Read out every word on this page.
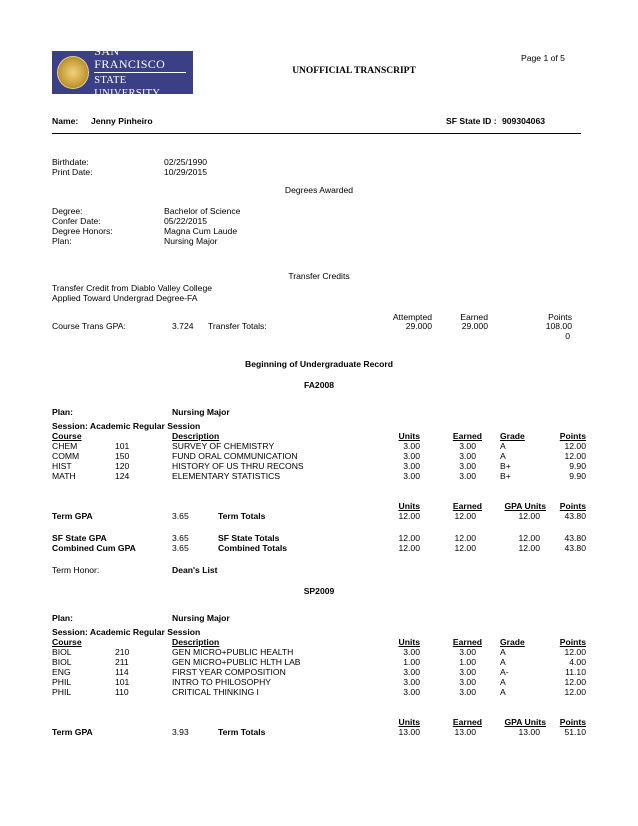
SAN FRANCISCO
STATE UNIVERSITY
Page 1 of 5
UNOFFICIAL TRANSCRIPT
Name: Jenny Pinheiro	SF State ID : 909304063
Birthdate:	02/25/1990
Print Date:	10/29/2015
Degrees Awarded
Degree:	Bachelor of Science
Confer Date:	05/22/2015
Degree Honors:	Magna Cum Laude
Plan:	Nursing Major
Transfer Credits
Transfer Credit from Diablo Valley College
Applied Toward Undergrad Degree-FA
Attempted	Earned	Points
Course Trans GPA:	3.724 Transfer Totals:	29.000	29.000	108.00
0
Beginning of Undergraduate Record
FA2008
Plan:	Nursing Major
Session: Academic Regular Session
Course	Description	Units	Earned Grade	Points
CHEM	101	SURVEY OF CHEMISTRY	3.00	3.00	A	12.00
COMM	150	FUND ORAL COMMUNICATION	3.00	3.00	A	12.00
HIST	120	HISTORY OF US THRU RECONS	3.00	3.00	B+	9.90
MATH	124	ELEMENTARY STATISTICS	3.00	3.00	B+	9.90
Units	Earned	GPA Units	Points
Term GPA	3.65	Term Totals	12.00	12.00	12.00	43.80
SF State GPA	3.65	SF State Totals	12.00	12.00	12.00	43.80
Combined Cum GPA	3.65	Combined Totals	12.00	12.00	12.00	43.80
Term Honor:	Dean's List
SP2009
Plan:	Nursing Major
Session: Academic Regular Session
Course	Description	Units	Earned Grade	Points
BIOL	210	GEN MICRO+PUBLIC HEALTH	3.00	3.00	A	12.00
BIOL	211	GEN MICRO+PUBLIC HLTH LAB	1.00	1.00	A	4.00
ENG	114	FIRST YEAR COMPOSITION	3.00	3.00	A-	11.10
PHIL	101	INTRO TO PHILOSOPHY	3.00	3.00	A	12.00
PHIL	110	CRITICAL THINKING I	3.00	3.00	A	12.00
Units	Earned	GPA Units	Points
Term GPA	3.93	Term Totals	13.00	13.00	13.00	51.10
